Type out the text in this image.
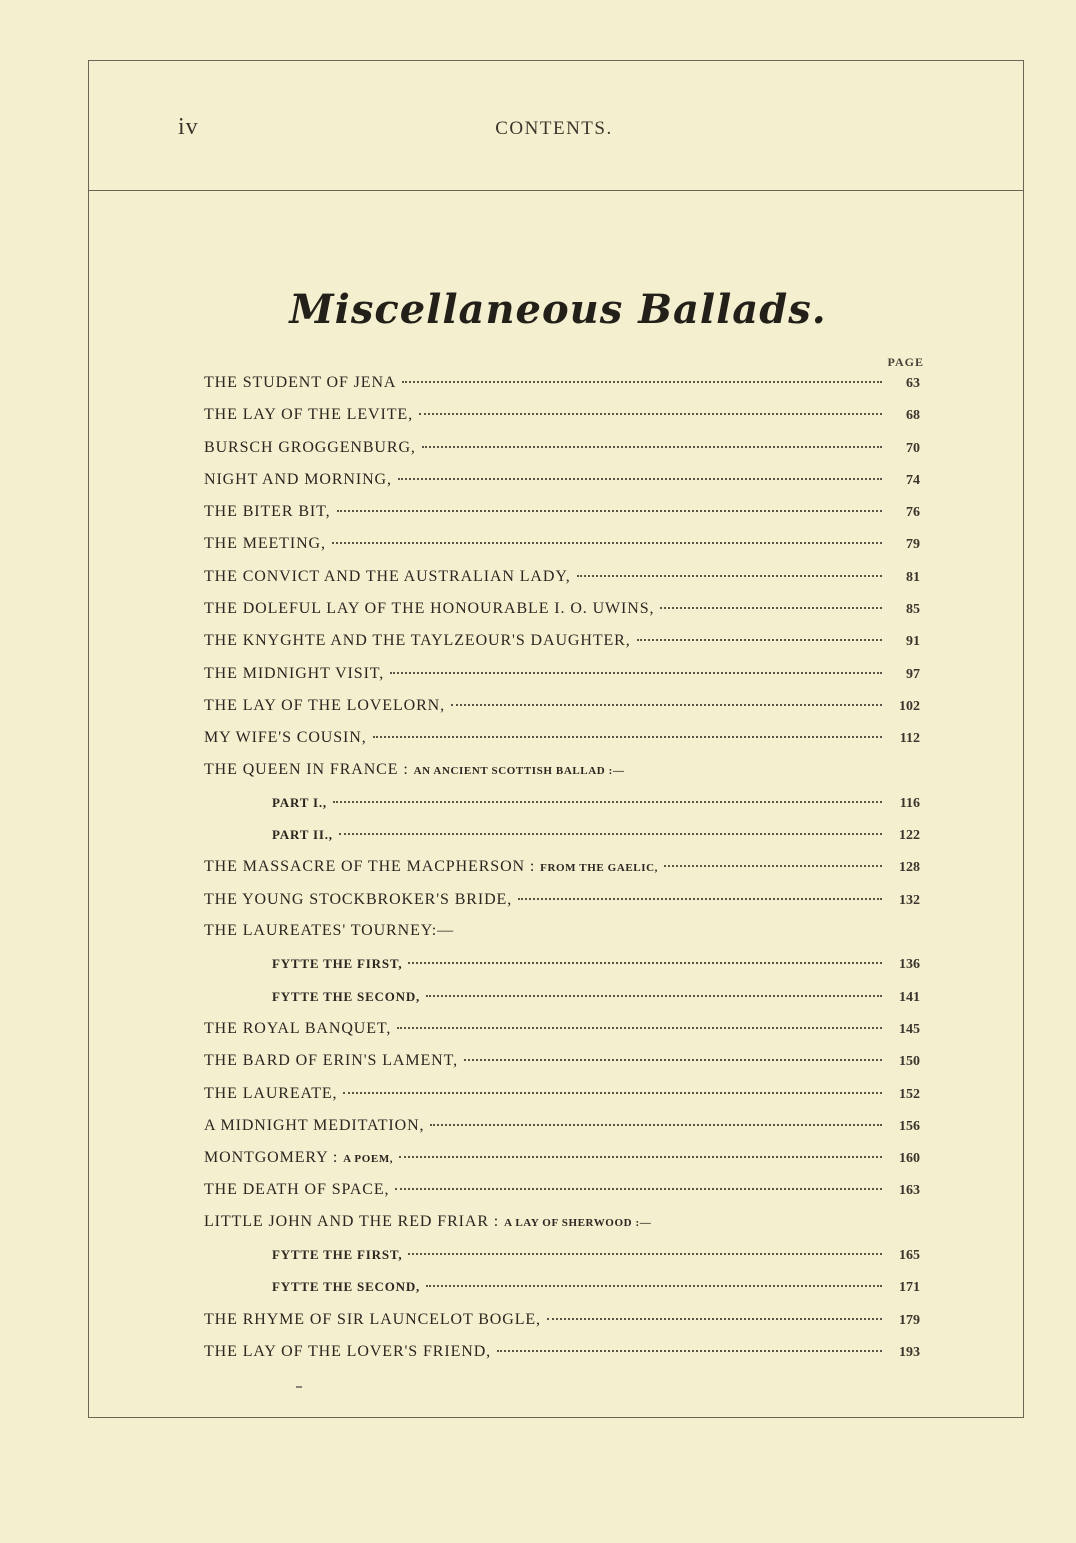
iv	CONTENTS.
Miscellaneous Ballads.
PAGE
THE STUDENT OF JENA	63
THE LAY OF THE LEVITE,	68
BURSCH GROGGENBURG,	70
NIGHT AND MORNING,	74
THE BITER BIT,	76
THE MEETING,	79
THE CONVICT AND THE AUSTRALIAN LADY,	81
THE DOLEFUL LAY OF THE HONOURABLE I. O. UWINS,	85
THE KNYGHTE AND THE TAYLZEOUR'S DAUGHTER,	91
THE MIDNIGHT VISIT,	97
THE LAY OF THE LOVELORN,	102
MY WIFE'S COUSIN,	112
THE QUEEN IN FRANCE : AN ANCIENT SCOTTISH BALLAD :—
PART I.,	116
PART II.,	122
THE MASSACRE OF THE MACPHERSON : FROM THE GAELIC,	128
THE YOUNG STOCKBROKER'S BRIDE,	132
THE LAUREATES' TOURNEY:—
FYTTE THE FIRST,	136
FYTTE THE SECOND,	141
THE ROYAL BANQUET,	145
THE BARD OF ERIN'S LAMENT,	150
THE LAUREATE,	152
A MIDNIGHT MEDITATION,	156
MONTGOMERY : A POEM,	160
THE DEATH OF SPACE,	163
LITTLE JOHN AND THE RED FRIAR : A LAY OF SHERWOOD :—
FYTTE THE FIRST,	165
FYTTE THE SECOND,	171
THE RHYME OF SIR LAUNCELOT BOGLE,	179
THE LAY OF THE LOVER'S FRIEND,	193
